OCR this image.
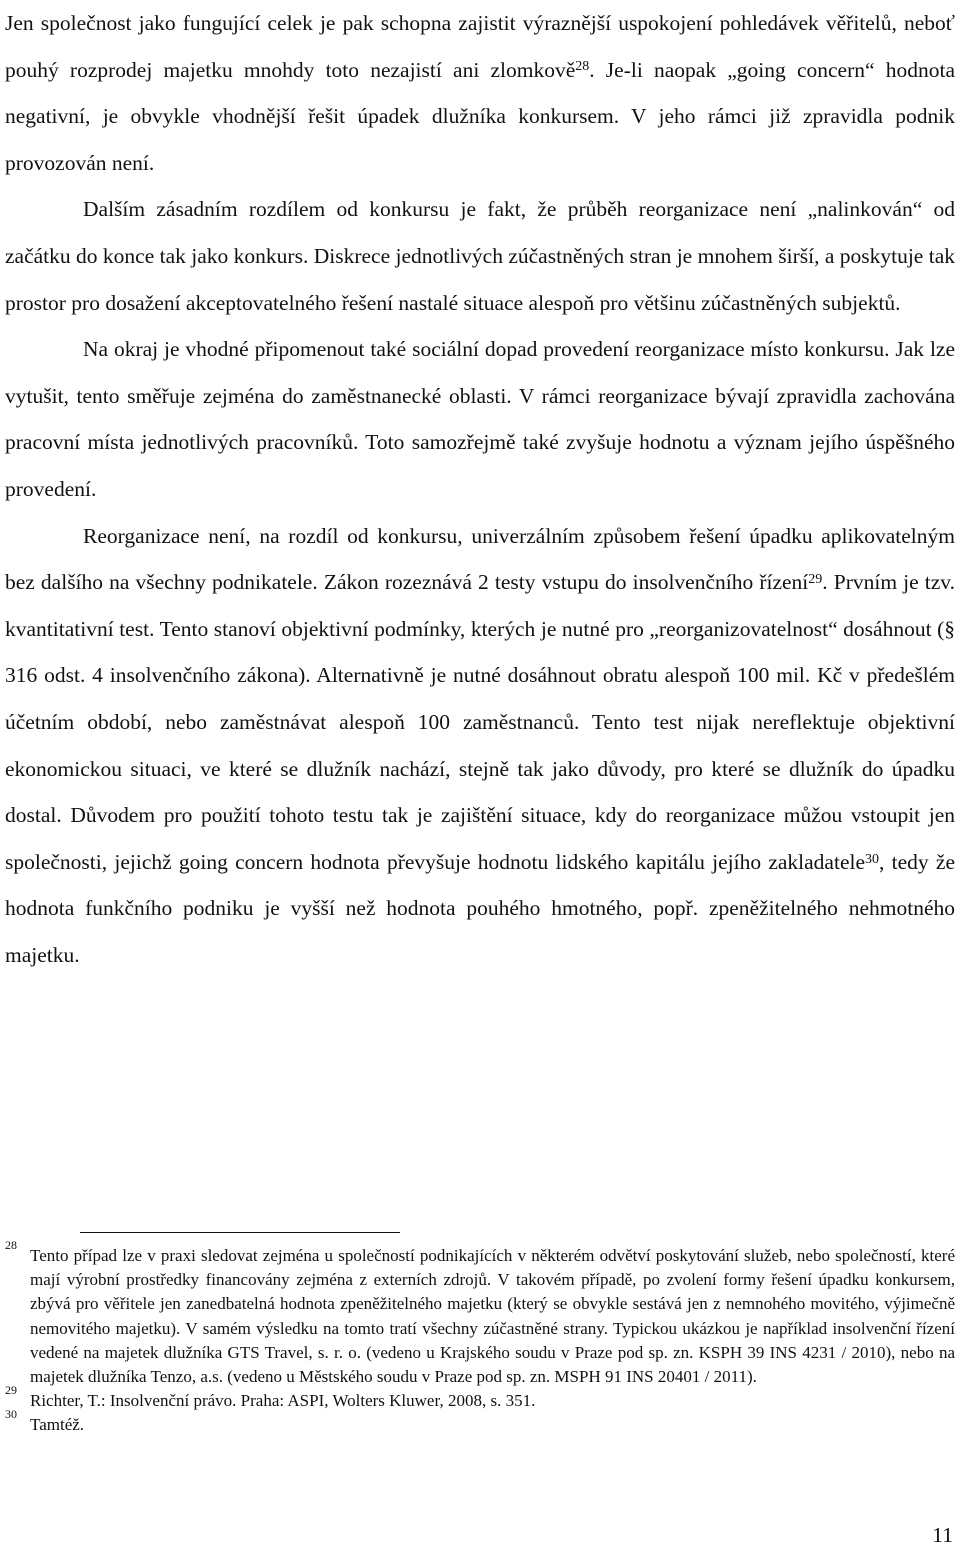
Jen společnost jako fungující celek je pak schopna zajistit výraznější uspokojení pohledávek věřitelů, neboť pouhý rozprodej majetku mnohdy toto nezajistí ani zlomkově$^{28}$. Je-li naopak „going concern“ hodnota negativní, je obvykle vhodnější řešit úpadek dlužníka konkursem. V jeho rámci již zpravidla podnik provozován není.

Dalším zásadním rozdílem od konkursu je fakt, že průběh reorganizace není „nalinkován“ od začátku do konce tak jako konkurs. Diskrece jednotlivých zúčastněných stran je mnohem širší, a poskytuje tak prostor pro dosažení akceptovatelného řešení nastalé situace alespoň pro většinu zúčastněných subjektů.

Na okraj je vhodné připomenout také sociální dopad provedení reorganizace místo konkursu. Jak lze vytušit, tento směřuje zejména do zaměstnanecké oblasti. V rámci reorganizace bývají zpravidla zachována pracovní místa jednotlivých pracovníků. Toto samozřejmě také zvyšuje hodnotu a význam jejího úspěšného provedení.

Reorganizace není, na rozdíl od konkursu, univerzálním způsobem řešení úpadku aplikovatelným bez dalšího na všechny podnikatele. Zákon rozeznává 2 testy vstupu do insolvenčního řízení$^{29}$. Prvním je tzv. kvantitativní test. Tento stanoví objektivní podmínky, kterých je nutné pro „reorganizovatelnost“ dosáhnout (§ 316 odst. 4 insolvenčního zákona). Alternativně je nutné dosáhnout obratu alespoň 100 mil. Kč v předešlém účetním období, nebo zaměstnávat alespoň 100 zaměstnanců. Tento test nijak nereflektuje objektivní ekonomickou situaci, ve které se dlužník nachází, stejně tak jako důvody, pro které se dlužník do úpadku dostal. Důvodem pro použití tohoto testu tak je zajištění situace, kdy do reorganizace můžou vstoupit jen společnosti, jejichž going concern hodnota převyšuje hodnotu lidského kapitálu jejího zakladatele$^{30}$, tedy že hodnota funkčního podniku je vyšší než hodnota pouhého hmotného, popř. zpeněžitelného nehmotného majetku.

28
Tento případ lze v praxi sledovat zejména u společností podnikajících v některém odvětví poskytování služeb, nebo společností, které mají výrobní prostředky financovány zejména z externích zdrojů. V takovém případě, po zvolení formy řešení úpadku konkursem, zbývá pro věřitele jen zanedbatelná hodnota zpeněžitelného majetku (který se obvykle sestává jen z nemnohého movitého, výjimečně nemovitého majetku). V samém výsledku na tomto tratí všechny zúčastněné strany. Typickou ukázkou je například insolvenční řízení vedené na majetek dlužníka GTS Travel, s. r. o. (vedeno u Krajského soudu v Praze pod sp. zn. KSPH 39 INS 4231 / 2010), nebo na majetek dlužníka Tenzo, a.s. (vedeno u Městského soudu v Praze pod sp. zn. MSPH 91 INS 20401 / 2011).
29
Richter, T.: Insolvenční právo. Praha: ASPI, Wolters Kluwer, 2008, s. 351.
30
Tamtéž.
11
